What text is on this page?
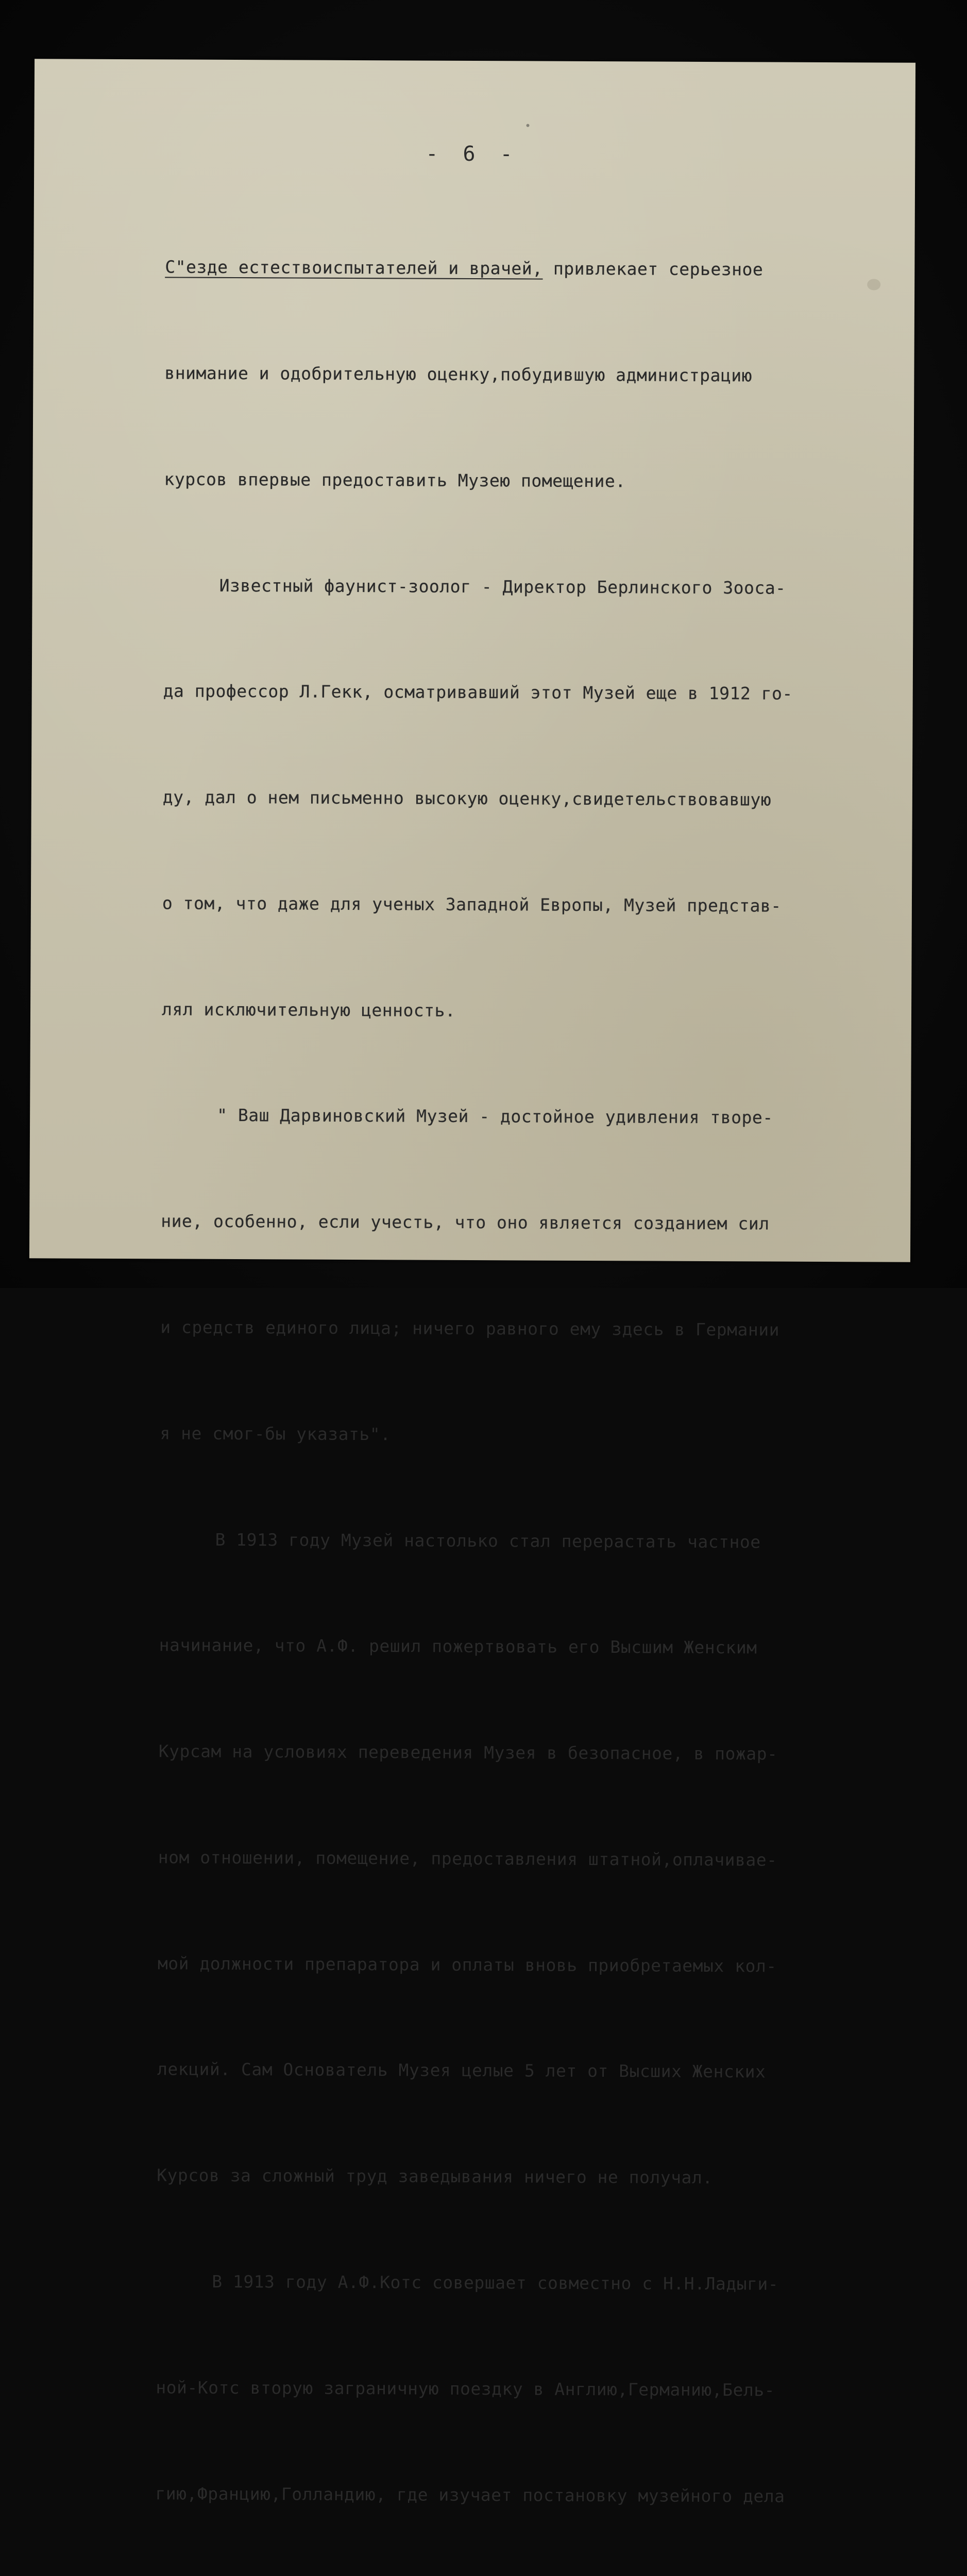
- 6 -

С"езде естествоиспытателей и врачей, привлекает серьезное

внимание и одобрительную оценку,побудившую администрацию

курсов впервые предоставить Музею помещение.

Известный фаунист-зоолог - Директор Берлинского Зооса-

да профессор Л.Гекк, осматривавший этот Музей еще в 1912 го-

ду, дал о нем письменно высокую оценку,свидетельствовавшую

о том, что даже для ученых Западной Европы, Музей представ-

лял исключительную ценность.

" Ваш Дарвиновский Музей - достойное удивления творе-

ние, особенно, если учесть, что оно является созданием сил

и средств единого лица; ничего равного ему здесь в Германии

я не смог-бы указать".

В 1913 году Музей настолько стал перерастать частное

начинание, что А.Ф. решил пожертвовать его Высшим Женским

Курсам на условиях переведения Музея в безопасное, в пожар-

ном отношении, помещение, предоставления штатной,оплачивае-

мой должности препаратора и оплаты вновь приобретаемых кол-

лекций. Сам Основатель Музея целые 5 лет от Высших Женских

Курсов за сложный труд заведывания ничего не получал.

В 1913 году А.Ф.Котс совершает совместно с Н.Н.Ладыги-

ной-Котс вторую заграничную поездку в Англию,Германию,Бель-

гию,Францию,Голландию, где изучает постановку музейного дела
